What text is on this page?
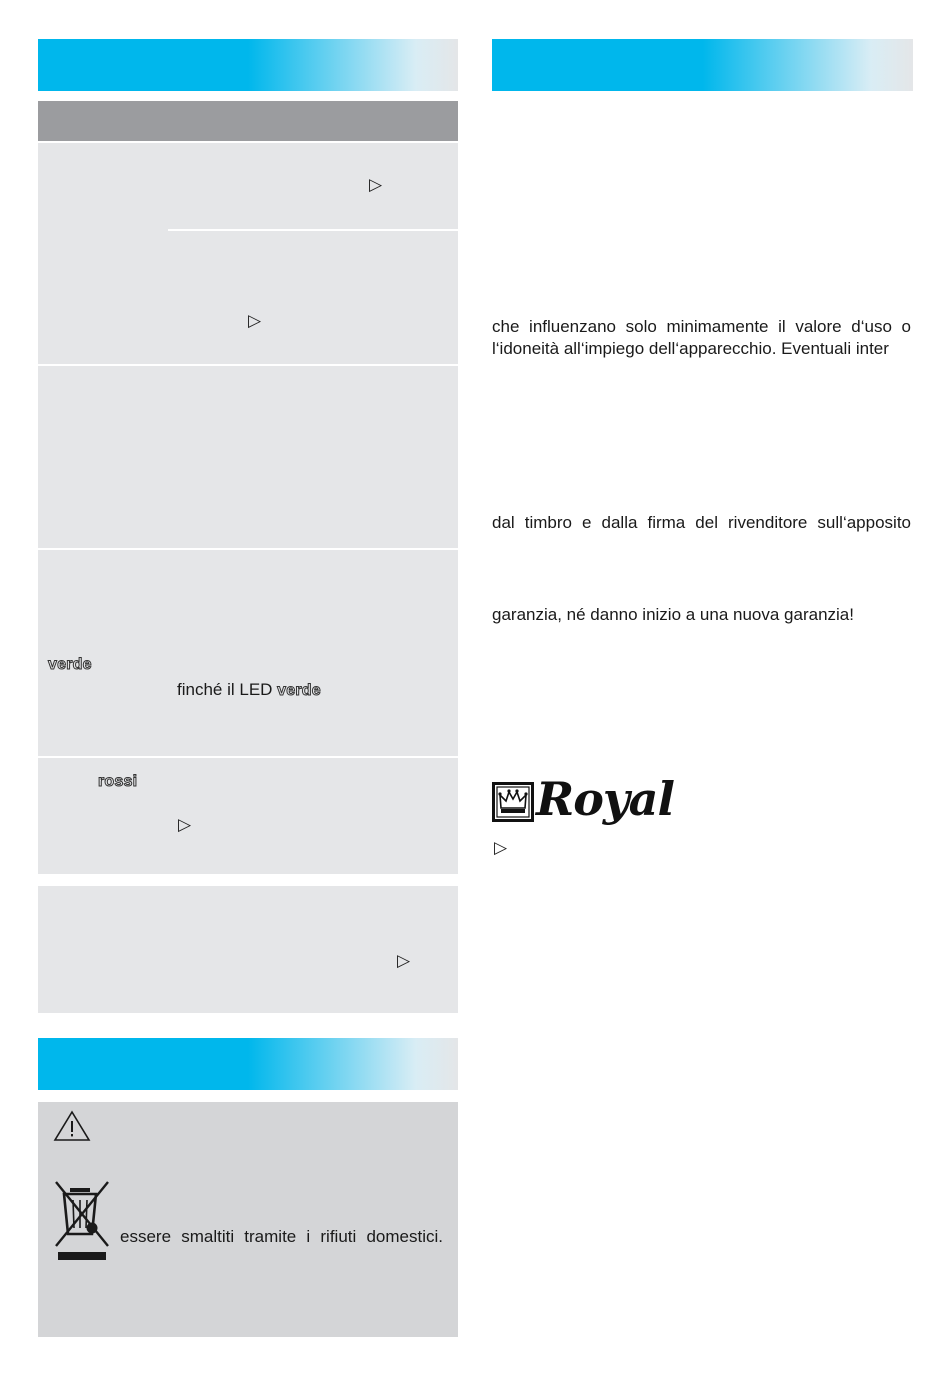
▷
▷
verde
finché il LED verde
rossi
▷
▷
essere smaltiti tramite i rifiuti domestici.
che influenzano solo minimamente il valore d‘uso o
l‘idoneità all‘impiego dell‘apparecchio. Eventuali inter
dal timbro e dalla firma del rivenditore sull‘apposito
garanzia, né danno inizio a una nuova garanzia!
Royal
▷
